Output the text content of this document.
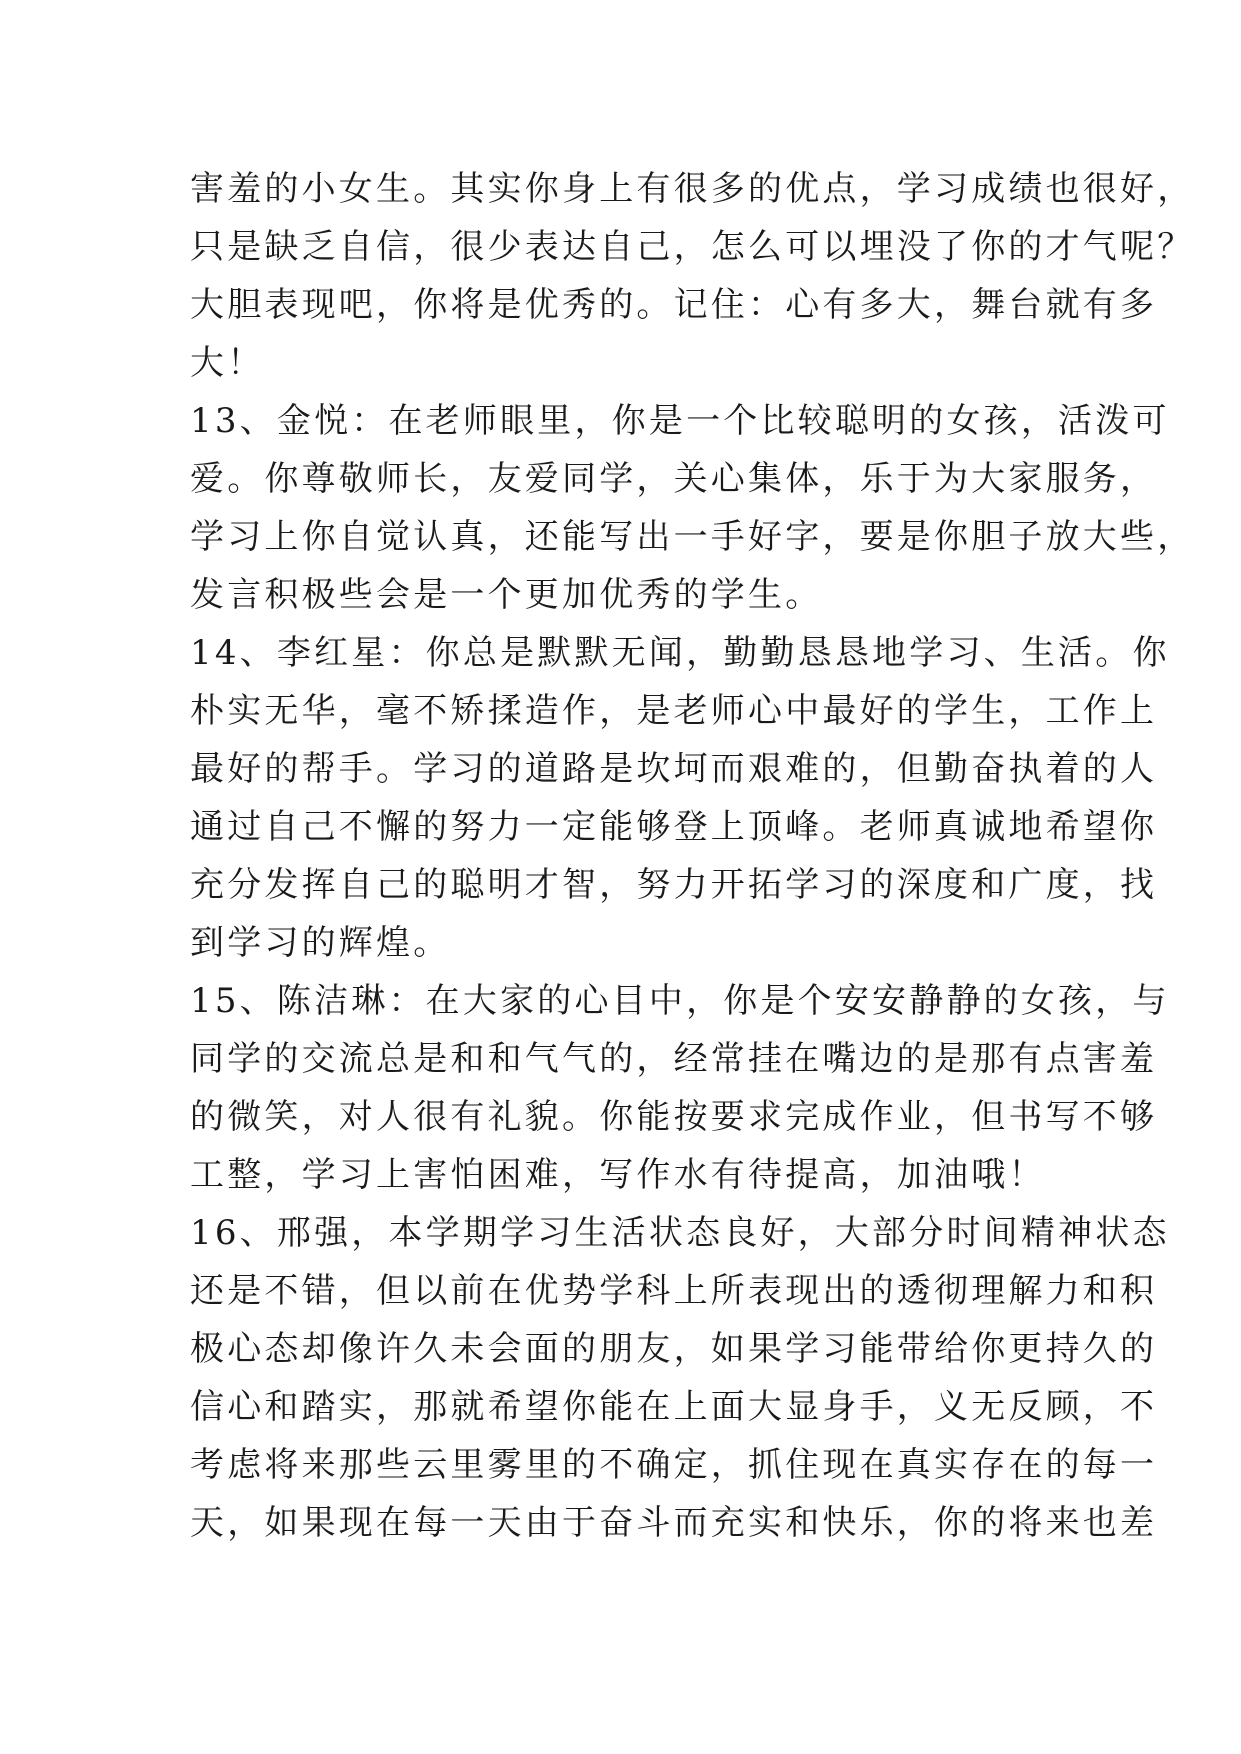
害羞的小女生。其实你身上有很多的优点，学习成绩也很好，
只是缺乏自信，很少表达自己，怎么可以埋没了你的才气呢？
大胆表现吧，你将是优秀的。记住：心有多大，舞台就有多
大！
13、金悦：在老师眼里，你是一个比较聪明的女孩，活泼可
爱。你尊敬师长，友爱同学，关心集体，乐于为大家服务，
学习上你自觉认真，还能写出一手好字，要是你胆子放大些，
发言积极些会是一个更加优秀的学生。
14、李红星：你总是默默无闻，勤勤恳恳地学习、生活。你
朴实无华，毫不矫揉造作，是老师心中最好的学生，工作上
最好的帮手。学习的道路是坎坷而艰难的，但勤奋执着的人
通过自己不懈的努力一定能够登上顶峰。老师真诚地希望你
充分发挥自己的聪明才智，努力开拓学习的深度和广度，找
到学习的辉煌。
15、陈洁琳：在大家的心目中，你是个安安静静的女孩，与
同学的交流总是和和气气的，经常挂在嘴边的是那有点害羞
的微笑，对人很有礼貌。你能按要求完成作业，但书写不够
工整，学习上害怕困难，写作水有待提高，加油哦！
16、邢强，本学期学习生活状态良好，大部分时间精神状态
还是不错，但以前在优势学科上所表现出的透彻理解力和积
极心态却像许久未会面的朋友，如果学习能带给你更持久的
信心和踏实，那就希望你能在上面大显身手，义无反顾，不
考虑将来那些云里雾里的不确定，抓住现在真实存在的每一
天，如果现在每一天由于奋斗而充实和快乐，你的将来也差
